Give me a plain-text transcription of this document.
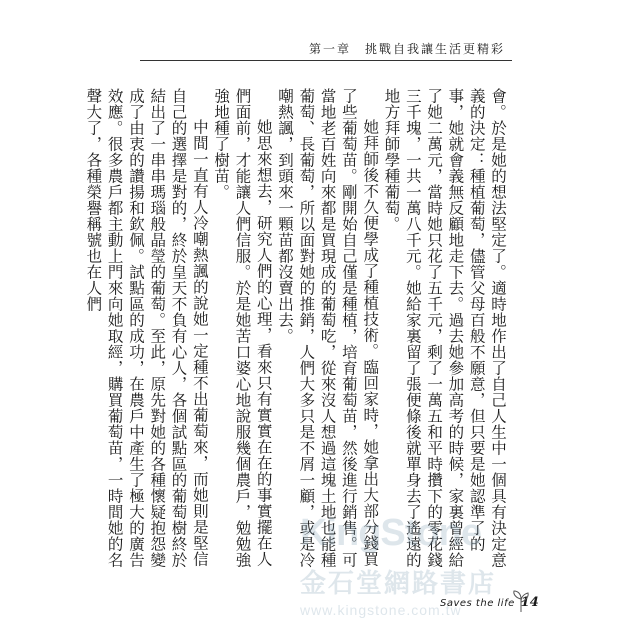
第一章 挑戰自我讓生活更精彩

會。於是她的想法堅定了。適時地作出了自己人生中一個具有決定意義的決定：種植葡萄，儘管父母百般不願意，但只要是她認準了的事，她就會義無反顧地走下去。過去她參加高考的時候，家裏曾經給了她二萬元，當時她只花了五千元，剩了一萬五和平時攢下的零花錢三千塊，一共一萬八千元。她給家裏留了張便條後就單身去了遙遠的地方拜師學種葡萄。

她拜師後不久便學成了種植技術。臨回家時，她拿出大部分錢買了些葡萄苗。剛開始自己僅是種植，培育葡萄苗，然後進行銷售。可當地老百姓向來都是買現成的葡萄吃，從來沒人想過這塊土地也能種葡萄、長葡萄，所以面對她的推銷，人們大多只是不屑一顧，或是冷嘲熱諷，到頭來一顆苗都沒賣出去。

她思來想去，研究人們的心理，看來只有實實在在的事實擺在人們面前，才能讓人們信服。於是她苦口婆心地說服幾個農戶，勉勉強強地種了樹苗。

中間一直有人冷嘲熱諷的說她一定種不出葡萄來，而她則是堅信自己的選擇是對的，終於皇天不負有心人，各個試點區的葡萄樹終於結出了一串串瑪瑙般晶瑩的葡萄。至此，原先對她的各種懷疑抱怨變成了由衷的讚揚和欽佩。試點區的成功，在農戶中產生了極大的廣告效應。很多農戶都主動上門來向她取經，購買葡萄苗，一時間她的名聲大了，各種榮譽稱號也在人們

KingStone
金石堂網路書店
www.kingstone.com.tw
Saves the life 14
